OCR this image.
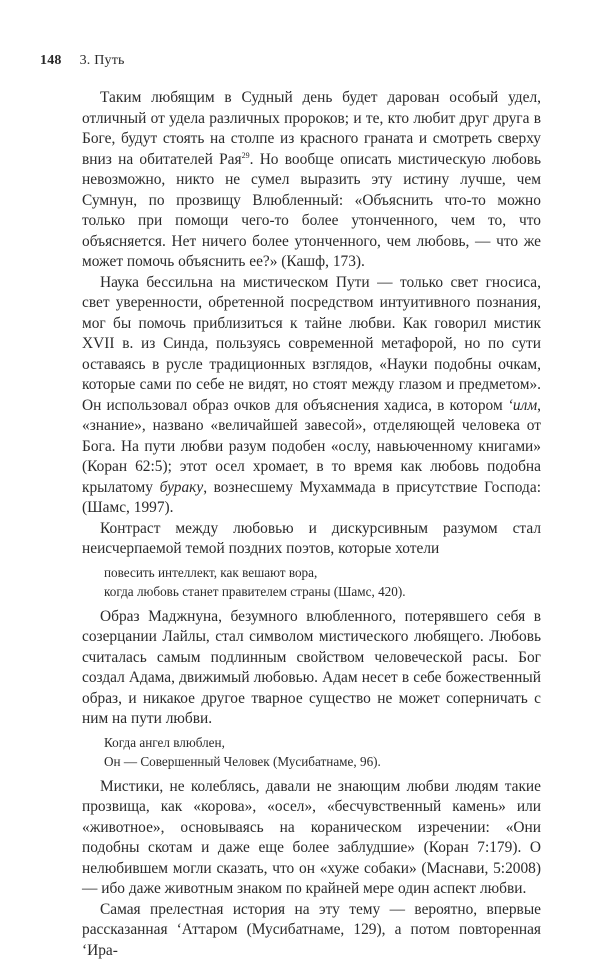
148 3. Путь

Таким любящим в Судный день будет дарован особый удел, отличный от удела различных пророков; и те, кто любит друг друга в Боге, будут стоять на столпе из красного граната и смотреть сверху вниз на обитателей Рая$^{29}$. Но вообще описать мистическую любовь невозможно, никто не сумел выразить эту истину лучше, чем Сумнун, по прозвищу Влюбленный: «Объяснить что-то можно только при помощи чего-то более утонченного, чем то, что объясняется. Нет ничего более утонченного, чем любовь, — что же может помочь объяснить ее?» (Кашф, 173).

Наука бессильна на мистическом Пути — только свет гносиса, свет уверенности, обретенной посредством интуитивного познания, мог бы помочь приблизиться к тайне любви. Как говорил мистик XVII в. из Синда, пользуясь современной метафорой, но по сути оставаясь в русле традиционных взглядов, «Науки подобны очкам, которые сами по себе не видят, но стоят между глазом и предметом». Он использовал образ очков для объяснения хадиса, в котором ʻилм, «знание», названо «величайшей завесой», отделяющей человека от Бога. На пути любви разум подобен «ослу, навьюченному книгами» (Коран 62:5); этот осел хромает, в то время как любовь подобна крылатому бураку, вознесшему Мухаммада в присутствие Господа: (Шамс, 1997).

Контраст между любовью и дискурсивным разумом стал неисчерпаемой темой поздних поэтов, которые хотели

повесить интеллект, как вешают вора,
когда любовь станет правителем страны (Шамс, 420).

Образ Маджнуна, безумного влюбленного, потерявшего себя в созерцании Лайлы, стал символом мистического любящего. Любовь считалась самым подлинным свойством человеческой расы. Бог создал Адама, движимый любовью. Адам несет в себе божественный образ, и никакое другое тварное существо не может соперничать с ним на пути любви.

Когда ангел влюблен,
Он — Совершенный Человек (Мусибатнаме, 96).

Мистики, не колеблясь, давали не знающим любви людям такие прозвища, как «корова», «осел», «бесчувственный камень» или «животное», основываясь на кораническом изречении: «Они подобны скотам и даже еще более заблудшие» (Коран 7:179). О нелюбившем могли сказать, что он «хуже собаки» (Маснави, 5:2008) — ибо даже животным знаком по крайней мере один аспект любви.

Самая прелестная история на эту тему — вероятно, впервые рассказанная ʻАттаром (Мусибатнаме, 129), а потом повторенная ʻИра-
